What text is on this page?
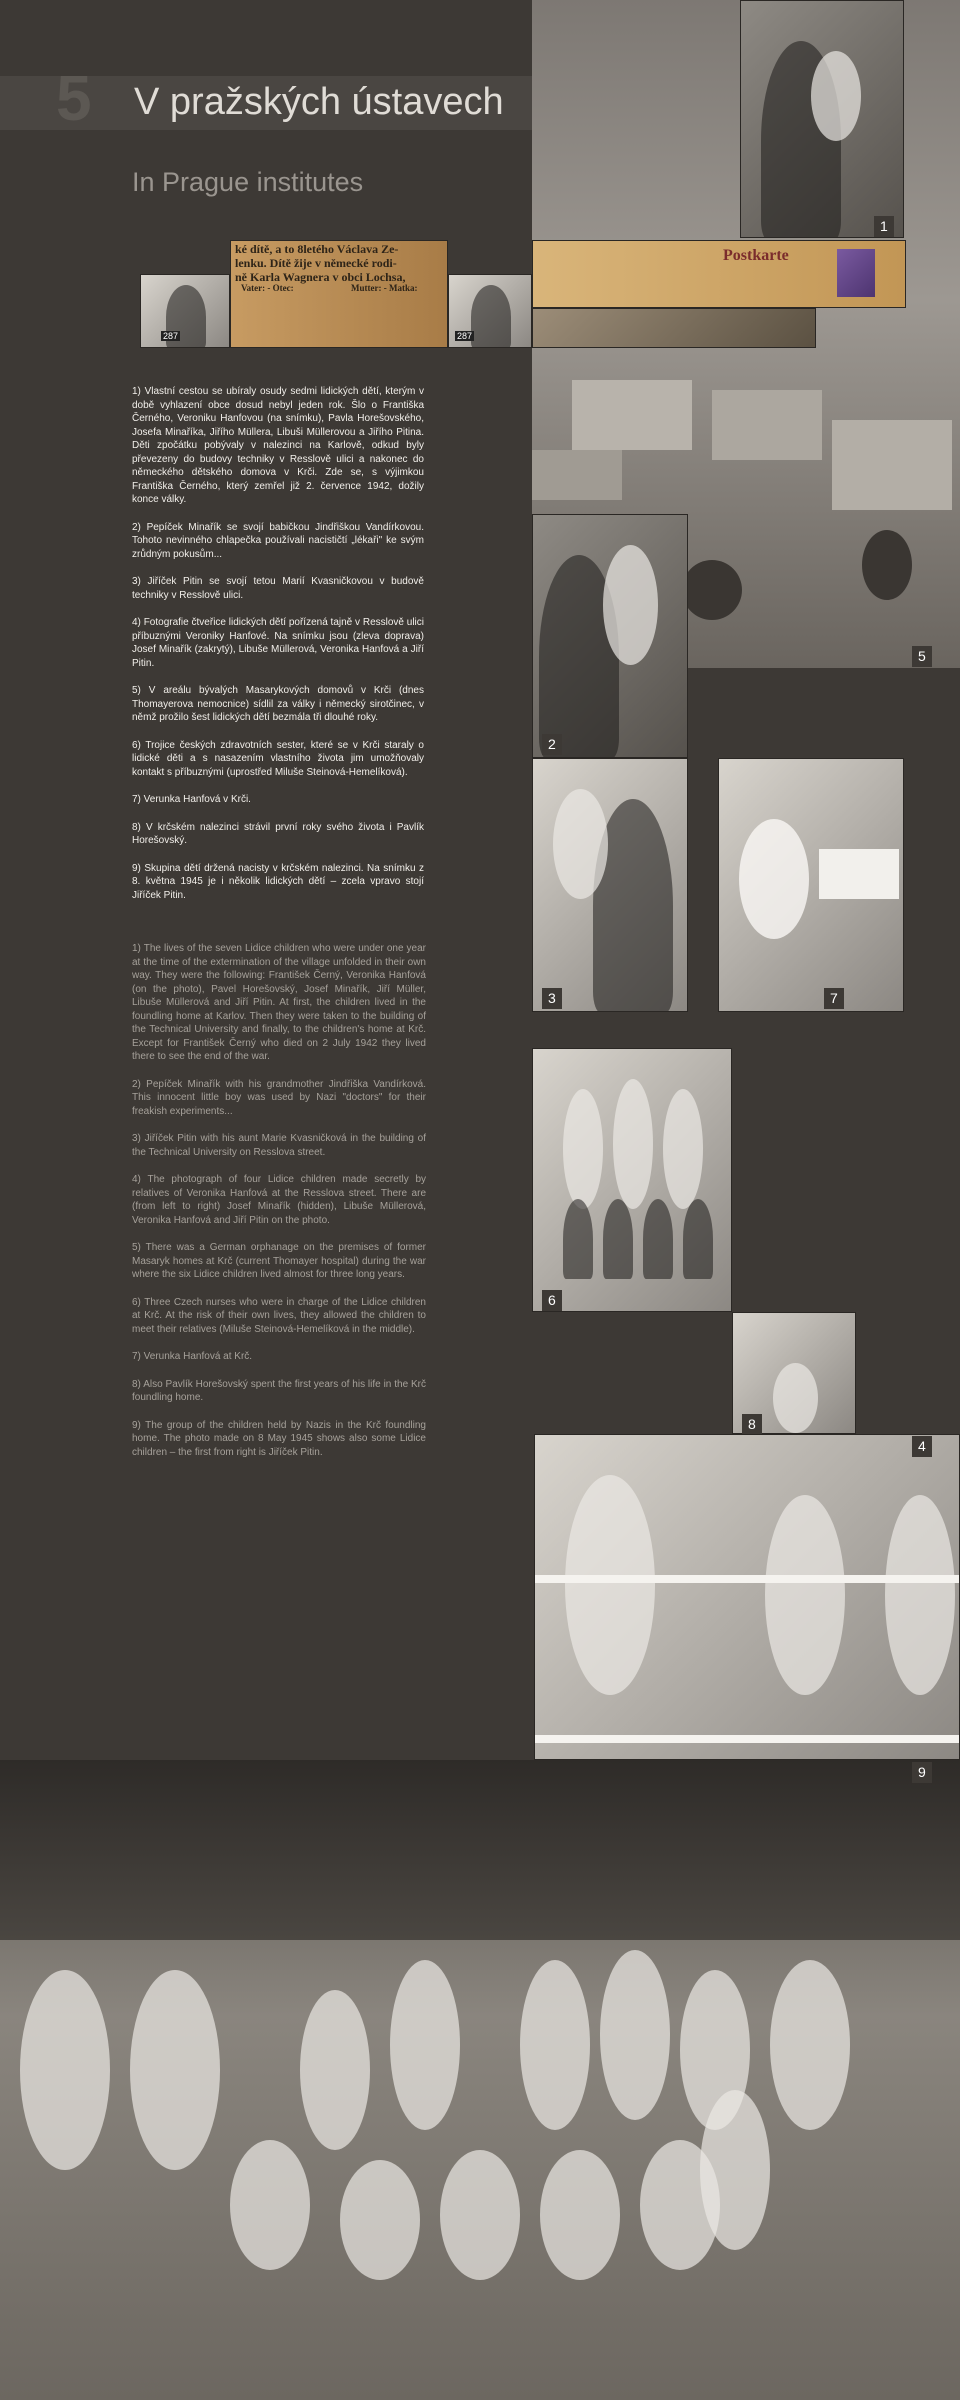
5 V pražských ústavech
In Prague institutes
5
1
287
ké dítě, a to 8letého Václava Ze-
lenku. Dítě žije v německé rodi-
ně Karla Wagnera v obci Lochsa,
Vater: - Otec:	Mutter: - Matka:
287
Postkarte
2
3	7
6
8
4
9

1) Vlastní cestou se ubíraly osudy sedmi lidických dětí, kterým v době vyhlazení obce dosud nebyl jeden rok. Šlo o Františka Černého, Veroniku Hanfovou (na snímku), Pavla Horešovského, Josefa Minaříka, Jiřího Müllera, Libuši Müllerovou a Jiřího Pitina. Děti zpočátku pobývaly v nalezinci na Karlově, odkud byly převezeny do budovy techniky v Resslově ulici a nakonec do německého dětského domova v Krči. Zde se, s výjimkou Františka Černého, který zemřel již 2. července 1942, dožily konce války.

2) Pepíček Minařík se svojí babičkou Jindřiškou Vandírkovou. Tohoto nevinného chlapečka používali nacističtí „lékaři" ke svým zrůdným pokusům...

3) Jiříček Pitin se svojí tetou Marií Kvasničkovou v budově techniky v Resslově ulici.

4) Fotografie čtveřice lidických dětí pořízená tajně v Resslově ulici příbuznými Veroniky Hanfové. Na snímku jsou (zleva doprava) Josef Minařík (zakrytý), Libuše Müllerová, Veronika Hanfová a Jiří Pitin.

5) V areálu bývalých Masarykových domovů v Krči (dnes Thomayerova nemocnice) sídlil za války i německý sirotčinec, v němž prožilo šest lidických dětí bezmála tři dlouhé roky.

6) Trojice českých zdravotních sester, které se v Krči staraly o lidické děti a s nasazením vlastního života jim umožňovaly kontakt s příbuznými (uprostřed Miluše Steinová-Hemelíková).

7) Verunka Hanfová v Krči.

8) V krčském nalezinci strávil první roky svého života i Pavlík Horešovský.

9) Skupina dětí držená nacisty v krčském nalezinci. Na snímku z 8. května 1945 je i několik lidických dětí – zcela vpravo stojí Jiříček Pitin.

1) The lives of the seven Lidice children who were under one year at the time of the extermination of the village unfolded in their own way. They were the following: František Černý, Veronika Hanfová (on the photo), Pavel Horešovský, Josef Minařík, Jiří Müller, Libuše Müllerová and Jiří Pitin. At first, the children lived in the foundling home at Karlov. Then they were taken to the building of the Technical University and finally, to the children's home at Krč. Except for František Černý who died on 2 July 1942 they lived there to see the end of the war.

2) Pepíček Minařík with his grandmother Jindřiška Vandírková. This innocent little boy was used by Nazi "doctors" for their freakish experiments...

3) Jiříček Pitin with his aunt Marie Kvasničková in the building of the Technical University on Resslova street.

4) The photograph of four Lidice children made secretly by relatives of Veronika Hanfová at the Resslova street. There are (from left to right) Josef Minařík (hidden), Libuše Müllerová, Veronika Hanfová and Jiří Pitin on the photo.

5) There was a German orphanage on the premises of former Masaryk homes at Krč (current Thomayer hospital) during the war where the six Lidice children lived almost for three long years.

6) Three Czech nurses who were in charge of the Lidice children at Krč. At the risk of their own lives, they allowed the children to meet their relatives (Miluše Steinová-Hemelíková in the middle).

7) Verunka Hanfová at Krč.

8) Also Pavlík Horešovský spent the first years of his life in the Krč foundling home.

9) The group of the children held by Nazis in the Krč foundling home. The photo made on 8 May 1945 shows also some Lidice children – the first from right is Jiříček Pitin.
